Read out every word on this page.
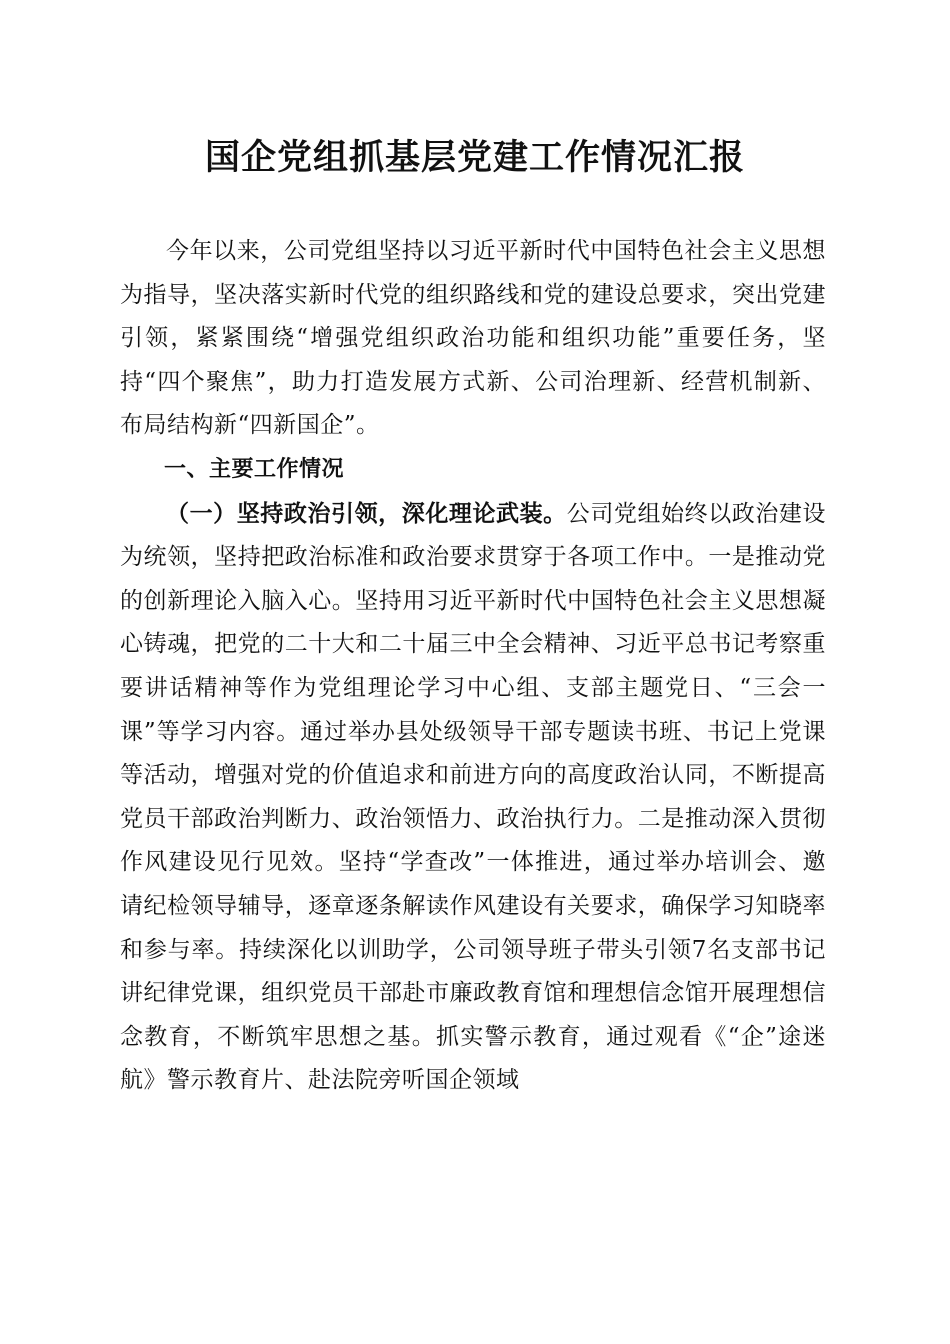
国企党组抓基层党建工作情况汇报

今年以来，公司党组坚持以习近平新时代中国特色社会主义思想为指导，坚决落实新时代党的组织路线和党的建设总要求，突出党建引领，紧紧围绕“增强党组织政治功能和组织功能”重要任务，坚持“四个聚焦”，助力打造发展方式新、公司治理新、经营机制新、布局结构新“四新国企”。

一、主要工作情况

（一）坚持政治引领，深化理论武装。公司党组始终以政治建设为统领，坚持把政治标准和政治要求贯穿于各项工作中。一是推动党的创新理论入脑入心。坚持用习近平新时代中国特色社会主义思想凝心铸魂，把党的二十大和二十届三中全会精神、习近平总书记考察重要讲话精神等作为党组理论学习中心组、支部主题党日、“三会一课”等学习内容。通过举办县处级领导干部专题读书班、书记上党课等活动，增强对党的价值追求和前进方向的高度政治认同，不断提高党员干部政治判断力、政治领悟力、政治执行力。二是推动深入贯彻作风建设见行见效。坚持“学查改”一体推进，通过举办培训会、邀请纪检领导辅导，逐章逐条解读作风建设有关要求，确保学习知晓率和参与率。持续深化以训助学，公司领导班子带头引领7名支部书记讲纪律党课，组织党员干部赴市廉政教育馆和理想信念馆开展理想信念教育，不断筑牢思想之基。抓实警示教育，通过观看《“企”途迷航》警示教育片、赴法院旁听国企领域
